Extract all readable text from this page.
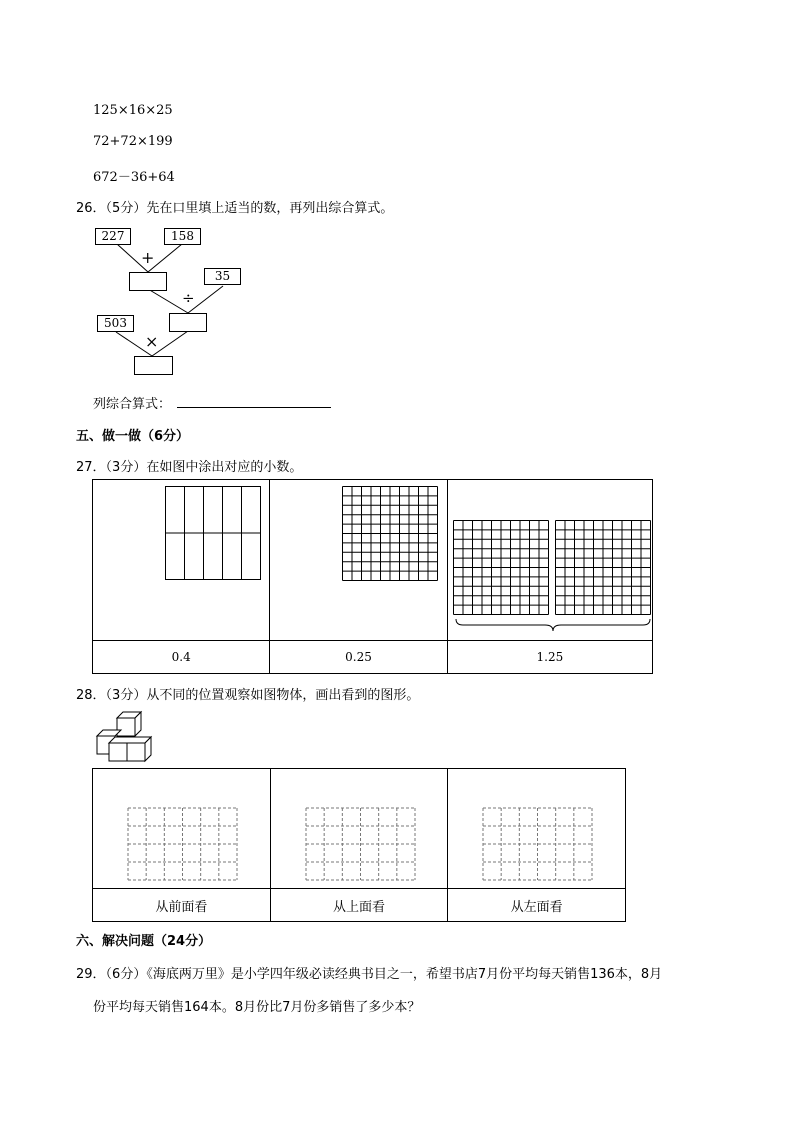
125×16×25
72+72×199
672－36+64
26．（5分）先在口里填上适当的数，再列出综合算式。
227	158
+
35
÷
503
×
列综合算式：
五、做一做（6分）
27．（3分）在如图中涂出对应的小数。

0.4	0.25	1.25
28．（3分）从不同的位置观察如图物体，画出看到的图形。

从前面看	从上面看	从左面看
六、解决问题（24分）
29．（6分）《海底两万里》是小学四年级必读经典书目之一，希望书店7月份平均每天销售136本，8月
份平均每天销售164本。8月份比7月份多销售了多少本？
